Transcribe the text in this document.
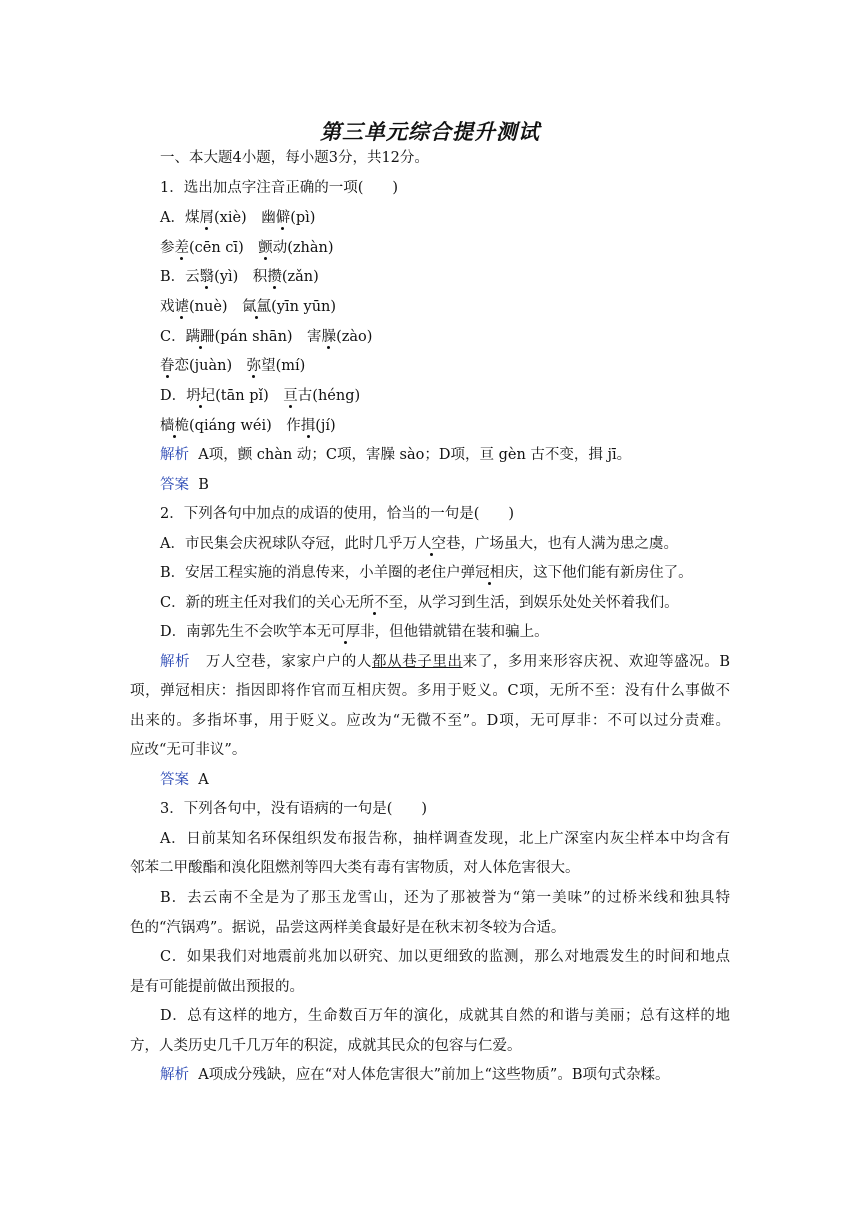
第三单元综合提升测试
一、本大题4小题，每小题3分，共12分。
1．选出加点字注音正确的一项(　　)
A．煤屑(xiè)　幽僻(pì)
参差(cēn cī)　颤动(zhàn)
B．云翳(yì)　积攒(zǎn)
戏谑(nuè)　氤氲(yīn yūn)
C．蹒跚(pán shān)　害臊(zào)
眷恋(juàn)　弥望(mí)
D．坍圮(tān pǐ)　亘古(héng)
樯桅(qiáng wéi)　作揖(jí)
解析 A项，颤 chàn 动；C项，害臊 sào；D项，亘 gèn 古不变，揖 jī。
答案 B
2．下列各句中加点的成语的使用，恰当的一句是(　　)
A．市民集会庆祝球队夺冠，此时几乎万人空巷，广场虽大，也有人满为患之虞。
B．安居工程实施的消息传来，小羊圈的老住户弹冠相庆，这下他们能有新房住了。
C．新的班主任对我们的关心无所不至，从学习到生活，到娱乐处处关怀着我们。
D．南郭先生不会吹竽本无可厚非，但他错就错在装和骗上。
解析 万人空巷，家家户户的人都从巷子里出来了，多用来形容庆祝、欢迎等盛况。B
项，弹冠相庆：指因即将作官而互相庆贺。多用于贬义。C项，无所不至：没有什么事做不
出来的。多指坏事，用于贬义。应改为“无微不至”。D项，无可厚非：不可以过分责难。
应改“无可非议”。
答案 A
3．下列各句中，没有语病的一句是(　　)
A．日前某知名环保组织发布报告称，抽样调查发现，北上广深室内灰尘样本中均含有
邻苯二甲酸酯和溴化阻燃剂等四大类有毒有害物质，对人体危害很大。
B．去云南不全是为了那玉龙雪山，还为了那被誉为“第一美味”的过桥米线和独具特
色的“汽锅鸡”。据说，品尝这两样美食最好是在秋末初冬较为合适。
C．如果我们对地震前兆加以研究、加以更细致的监测，那么对地震发生的时间和地点
是有可能提前做出预报的。
D．总有这样的地方，生命数百万年的演化，成就其自然的和谐与美丽；总有这样的地
方，人类历史几千几万年的积淀，成就其民众的包容与仁爱。
解析 A项成分残缺，应在“对人体危害很大”前加上“这些物质”。B项句式杂糅。
